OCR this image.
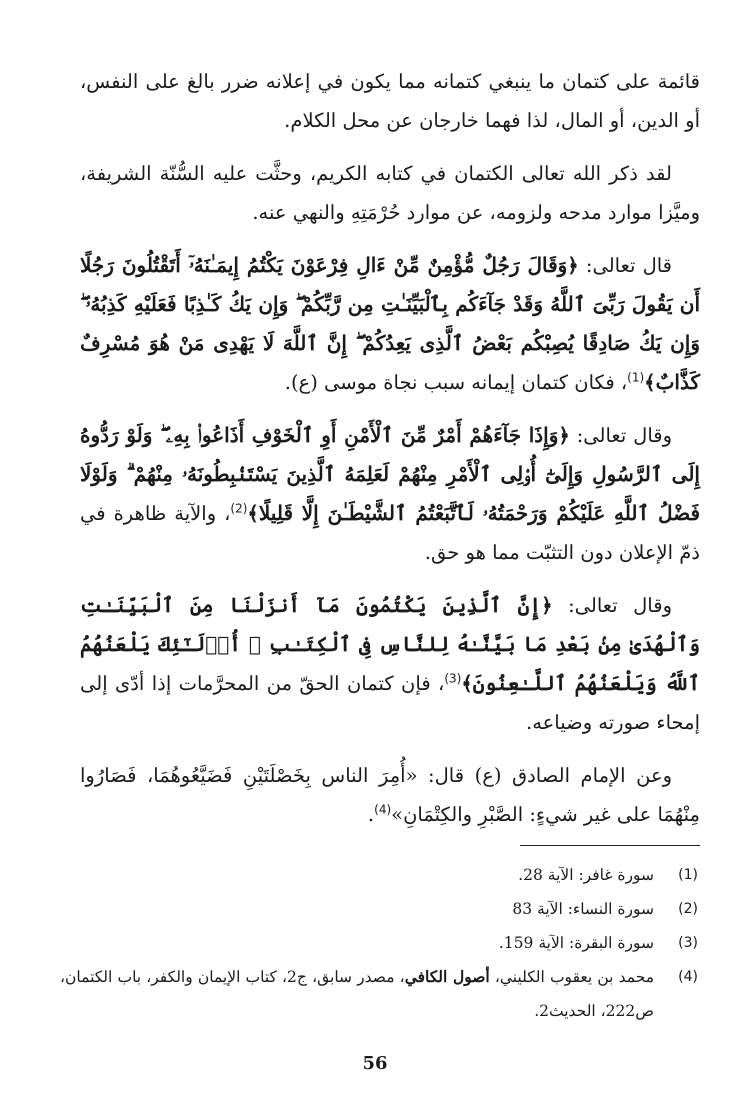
قائمة على كتمان ما ينبغي كتمانه مما يكون في إعلانه ضرر بالغ على النفس، أو الدين، أو المال، لذا فهما خارجان عن محل الكلام.

لقد ذكر الله تعالى الكتمان في كتابه الكريم، وحثَّت عليه السُّنّة الشريفة، وميَّزا موارد مدحه ولزومه، عن موارد حُرْمَتِهِ والنهي عنه.

قال تعالى: ﴿وَقَالَ رَجُلٌ مُّؤْمِنٌ مِّنْ ءَالِ فِرْعَوْنَ يَكْتُمُ إِيمَـٰنَهُۥٓ أَتَقْتُلُونَ رَجُلًا أَن يَقُولَ رَبِّىَ ٱللَّهُ وَقَدْ جَآءَكُم بِٱلْبَيِّنَـٰتِ مِن رَّبِّكُمْ ۖ وَإِن يَكُ كَـٰذِبًا فَعَلَيْهِ كَذِبُهُۥ ۖ وَإِن يَكُ صَادِقًا يُصِبْكُم بَعْضُ ٱلَّذِى يَعِدُكُمْ ۖ إِنَّ ٱللَّهَ لَا يَهْدِى مَنْ هُوَ مُسْرِفٌ كَذَّابٌ﴾$^{(1)}$، فكان كتمان إيمانه سبب نجاة موسى (ع).

وقال تعالى: ﴿وَإِذَا جَآءَهُمْ أَمْرٌ مِّنَ ٱلْأَمْنِ أَوِ ٱلْخَوْفِ أَذَاعُوا۟ بِهِۦ ۖ وَلَوْ رَدُّوهُ إِلَى ٱلرَّسُولِ وَإِلَىٰٓ أُو۟لِى ٱلْأَمْرِ مِنْهُمْ لَعَلِمَهُ ٱلَّذِينَ يَسْتَنۢبِطُونَهُۥ مِنْهُمْ ۗ وَلَوْلَا فَضْلُ ٱللَّهِ عَلَيْكُمْ وَرَحْمَتُهُۥ لَٱتَّبَعْتُمُ ٱلشَّيْطَـٰنَ إِلَّا قَلِيلًا﴾$^{(2)}$، والآية ظاهرة في ذمّ الإعلان دون التثبّت مما هو حق.

وقال تعالى: ﴿إِنَّ ٱلَّذِينَ يَكْتُمُونَ مَآ أَنزَلْنَا مِنَ ٱلْبَيِّنَـٰتِ وَٱلْهُدَىٰ مِنۢ بَعْدِ مَا بَيَّنَّـٰهُ لِلنَّاسِ فِى ٱلْكِتَـٰبِ ۙ أُو۟لَـٰٓئِكَ يَلْعَنُهُمُ ٱللَّهُ وَيَلْعَنُهُمُ ٱللَّـٰعِنُونَ﴾$^{(3)}$، فإن كتمان الحقّ من المحرَّمات إذا أدّى إلى إمحاء صورته وضياعه.

وعن الإمام الصادق (ع) قال: «أُمِرَ الناس بِخَصْلَتَيْنِ فَضَيَّعُوهُمَا، فَصَارُوا مِنْهُمَا على غير شيءٍ: الصَّبْرِ والكِتْمَانِ»$^{(4)}$.

(1)
سورة غافر: الآية 28.
(2)
سورة النساء: الآية 83
(3)
سورة البقرة: الآية 159.
(4)
محمد بن يعقوب الكليني، أصول الكافي، مصدر سابق، ج2، كتاب الإيمان والكفر، باب الكتمان، ص222، الحديث2.
56
